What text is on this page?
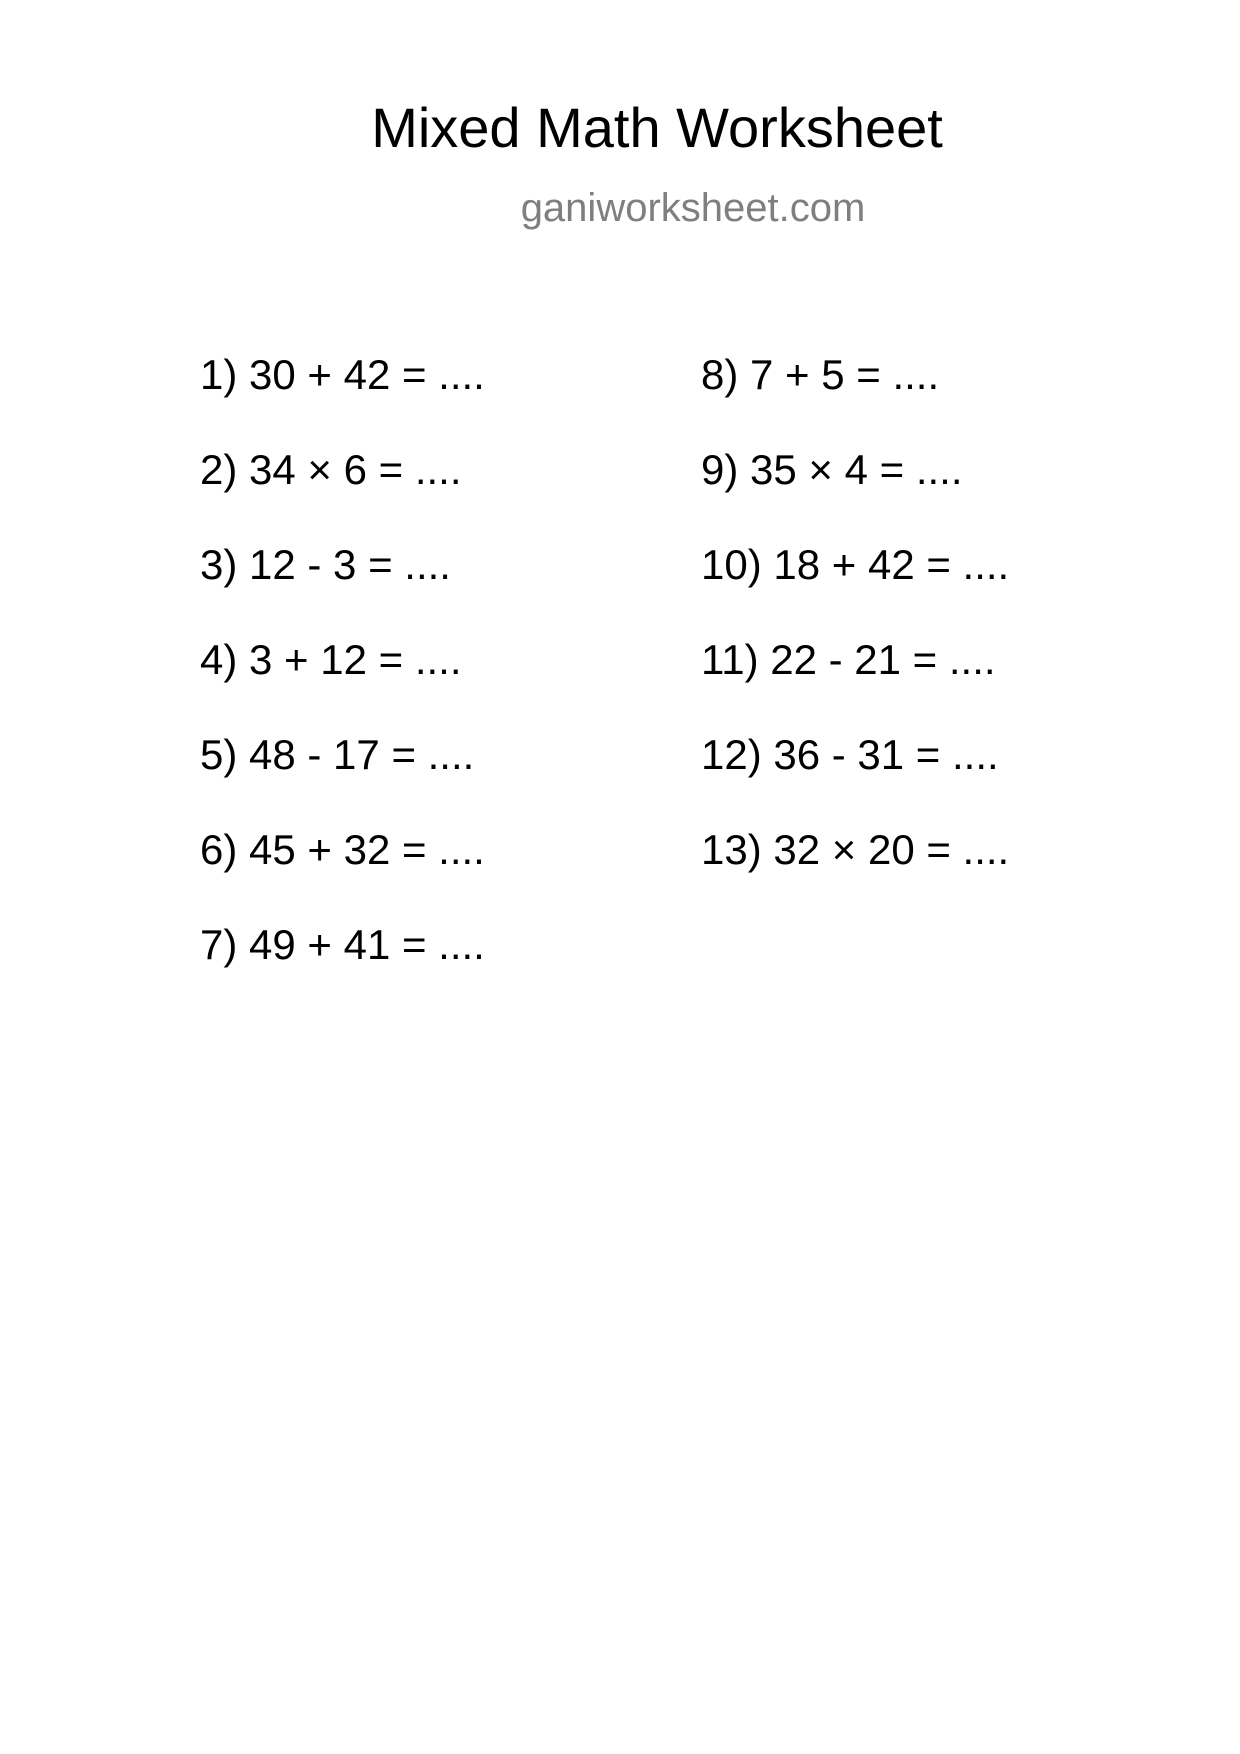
Mixed Math Worksheet
ganiworksheet.com
1) 30 + 42 = ....
2) 34 × 6 = ....
3) 12 - 3 = ....
4) 3 + 12 = ....
5) 48 - 17 = ....
6) 45 + 32 = ....
7) 49 + 41 = ....
8) 7 + 5 = ....
9) 35 × 4 = ....
10) 18 + 42 = ....
11) 22 - 21 = ....
12) 36 - 31 = ....
13) 32 × 20 = ....
